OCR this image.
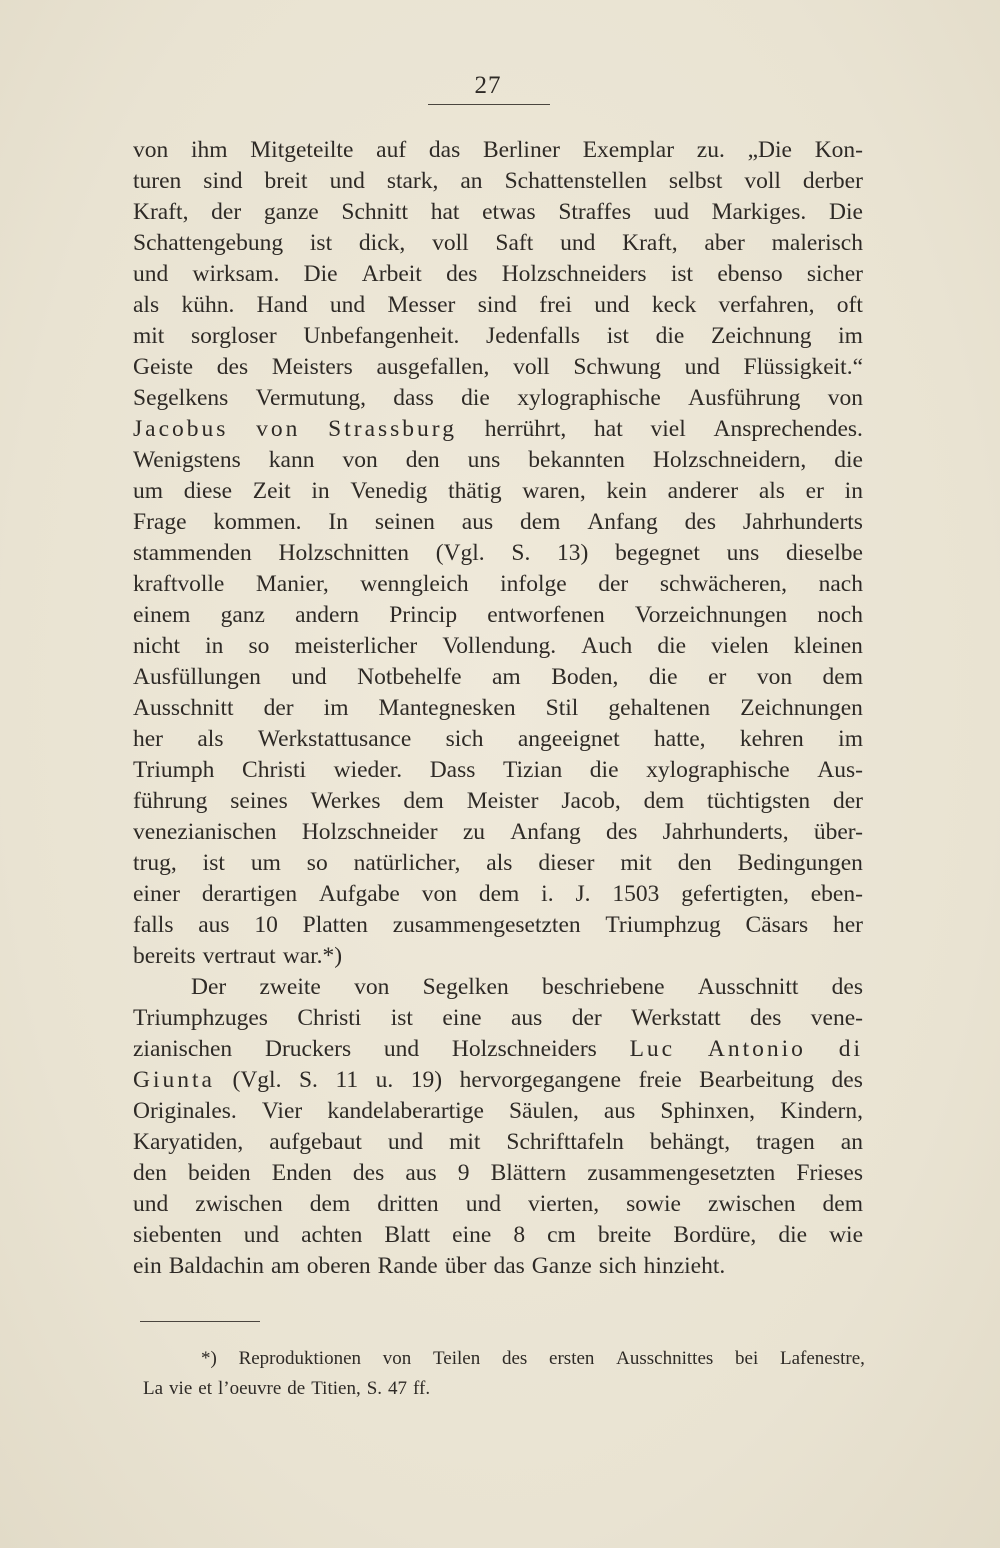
27
von ihm Mitgeteilte auf das Berliner Exemplar zu. „Die Kon-
turen sind breit und stark, an Schattenstellen selbst voll derber
Kraft, der ganze Schnitt hat etwas Straffes uud Markiges. Die
Schattengebung ist dick, voll Saft und Kraft, aber malerisch
und wirksam. Die Arbeit des Holzschneiders ist ebenso sicher
als kühn. Hand und Messer sind frei und keck verfahren, oft
mit sorgloser Unbefangenheit. Jedenfalls ist die Zeichnung im
Geiste des Meisters ausgefallen, voll Schwung und Flüssigkeit.“
Segelkens Vermutung, dass die xylographische Ausführung von
Jacobus von Strassburg herrührt, hat viel Ansprechendes.
Wenigstens kann von den uns bekannten Holzschneidern, die
um diese Zeit in Venedig thätig waren, kein anderer als er in
Frage kommen. In seinen aus dem Anfang des Jahrhunderts
stammenden Holzschnitten (Vgl. S. 13) begegnet uns dieselbe
kraftvolle Manier, wenngleich infolge der schwächeren, nach
einem ganz andern Princip entworfenen Vorzeichnungen noch
nicht in so meisterlicher Vollendung. Auch die vielen kleinen
Ausfüllungen und Notbehelfe am Boden, die er von dem
Ausschnitt der im Mantegnesken Stil gehaltenen Zeichnungen
her als Werkstattusance sich angeeignet hatte, kehren im
Triumph Christi wieder. Dass Tizian die xylographische Aus-
führung seines Werkes dem Meister Jacob, dem tüchtigsten der
venezianischen Holzschneider zu Anfang des Jahrhunderts, über-
trug, ist um so natürlicher, als dieser mit den Bedingungen
einer derartigen Aufgabe von dem i. J. 1503 gefertigten, eben-
falls aus 10 Platten zusammengesetzten Triumphzug Cäsars her
bereits vertraut war.*)
Der zweite von Segelken beschriebene Ausschnitt des
Triumphzuges Christi ist eine aus der Werkstatt des vene-
zianischen Druckers und Holzschneiders Luc Antonio di
Giunta (Vgl. S. 11 u. 19) hervorgegangene freie Bearbeitung des
Originales. Vier kandelaberartige Säulen, aus Sphinxen, Kindern,
Karyatiden, aufgebaut und mit Schrifttafeln behängt, tragen an
den beiden Enden des aus 9 Blättern zusammengesetzten Frieses
und zwischen dem dritten und vierten, sowie zwischen dem
siebenten und achten Blatt eine 8 cm breite Bordüre, die wie
ein Baldachin am oberen Rande über das Ganze sich hinzieht.
*) Reproduktionen von Teilen des ersten Ausschnittes bei Lafenestre,
La vie et l’oeuvre de Titien, S. 47 ff.
